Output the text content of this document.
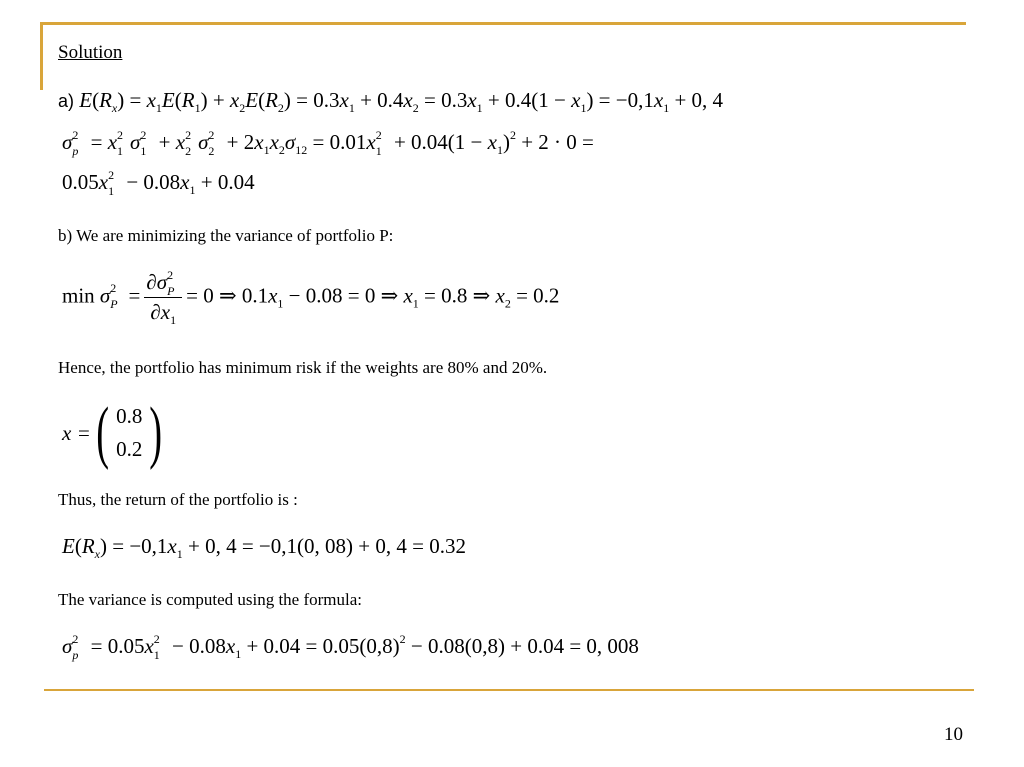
Solution
a) $E(R_x) = x_1E(R_1) + x_2E(R_2) = 0.3x_1 + 0.4x_2 = 0.3x_1 + 0.4(1 - x_1) = -0,1x_1 + 0$, 4
σ 2
p = x 2
1 σ 2
1 + x 2
2 σ 2
$2 + 2x_1x_2\sigma_{12} = 0.01x$ 2
$1 + 0.04(1 - x_1)^2 + 2 \cdot 0$ =
0.05x 2
$1 - 0.08x_1 + 0.04$
b) We are minimizing the variance of portfolio P:
min σ 2
P = ∂σ 2
P
$\partial x_1 = 0$ ⇒ $0.1x_1 - 0.08 = 0$ ⇒ $x_1 = 0.8$ ⇒ $x_2 = 0.2$
Hence, the portfolio has minimum risk if the weights are 80% and 20%.
x = ( 0.8
0.2 )
Thus, the return of the portfolio is :
$E(R_x) = -0,1x_1 + 0$, 4 = −0,1(0, 08) + 0, 4 = 0.32
The variance is computed using the formula:
σ 2
p = 0.05x 2
$1 - 0.08x_1 + 0.04 = 0.05(0,8)^2 - 0.08(0,8) + 0.04 = 0$, 008
10
